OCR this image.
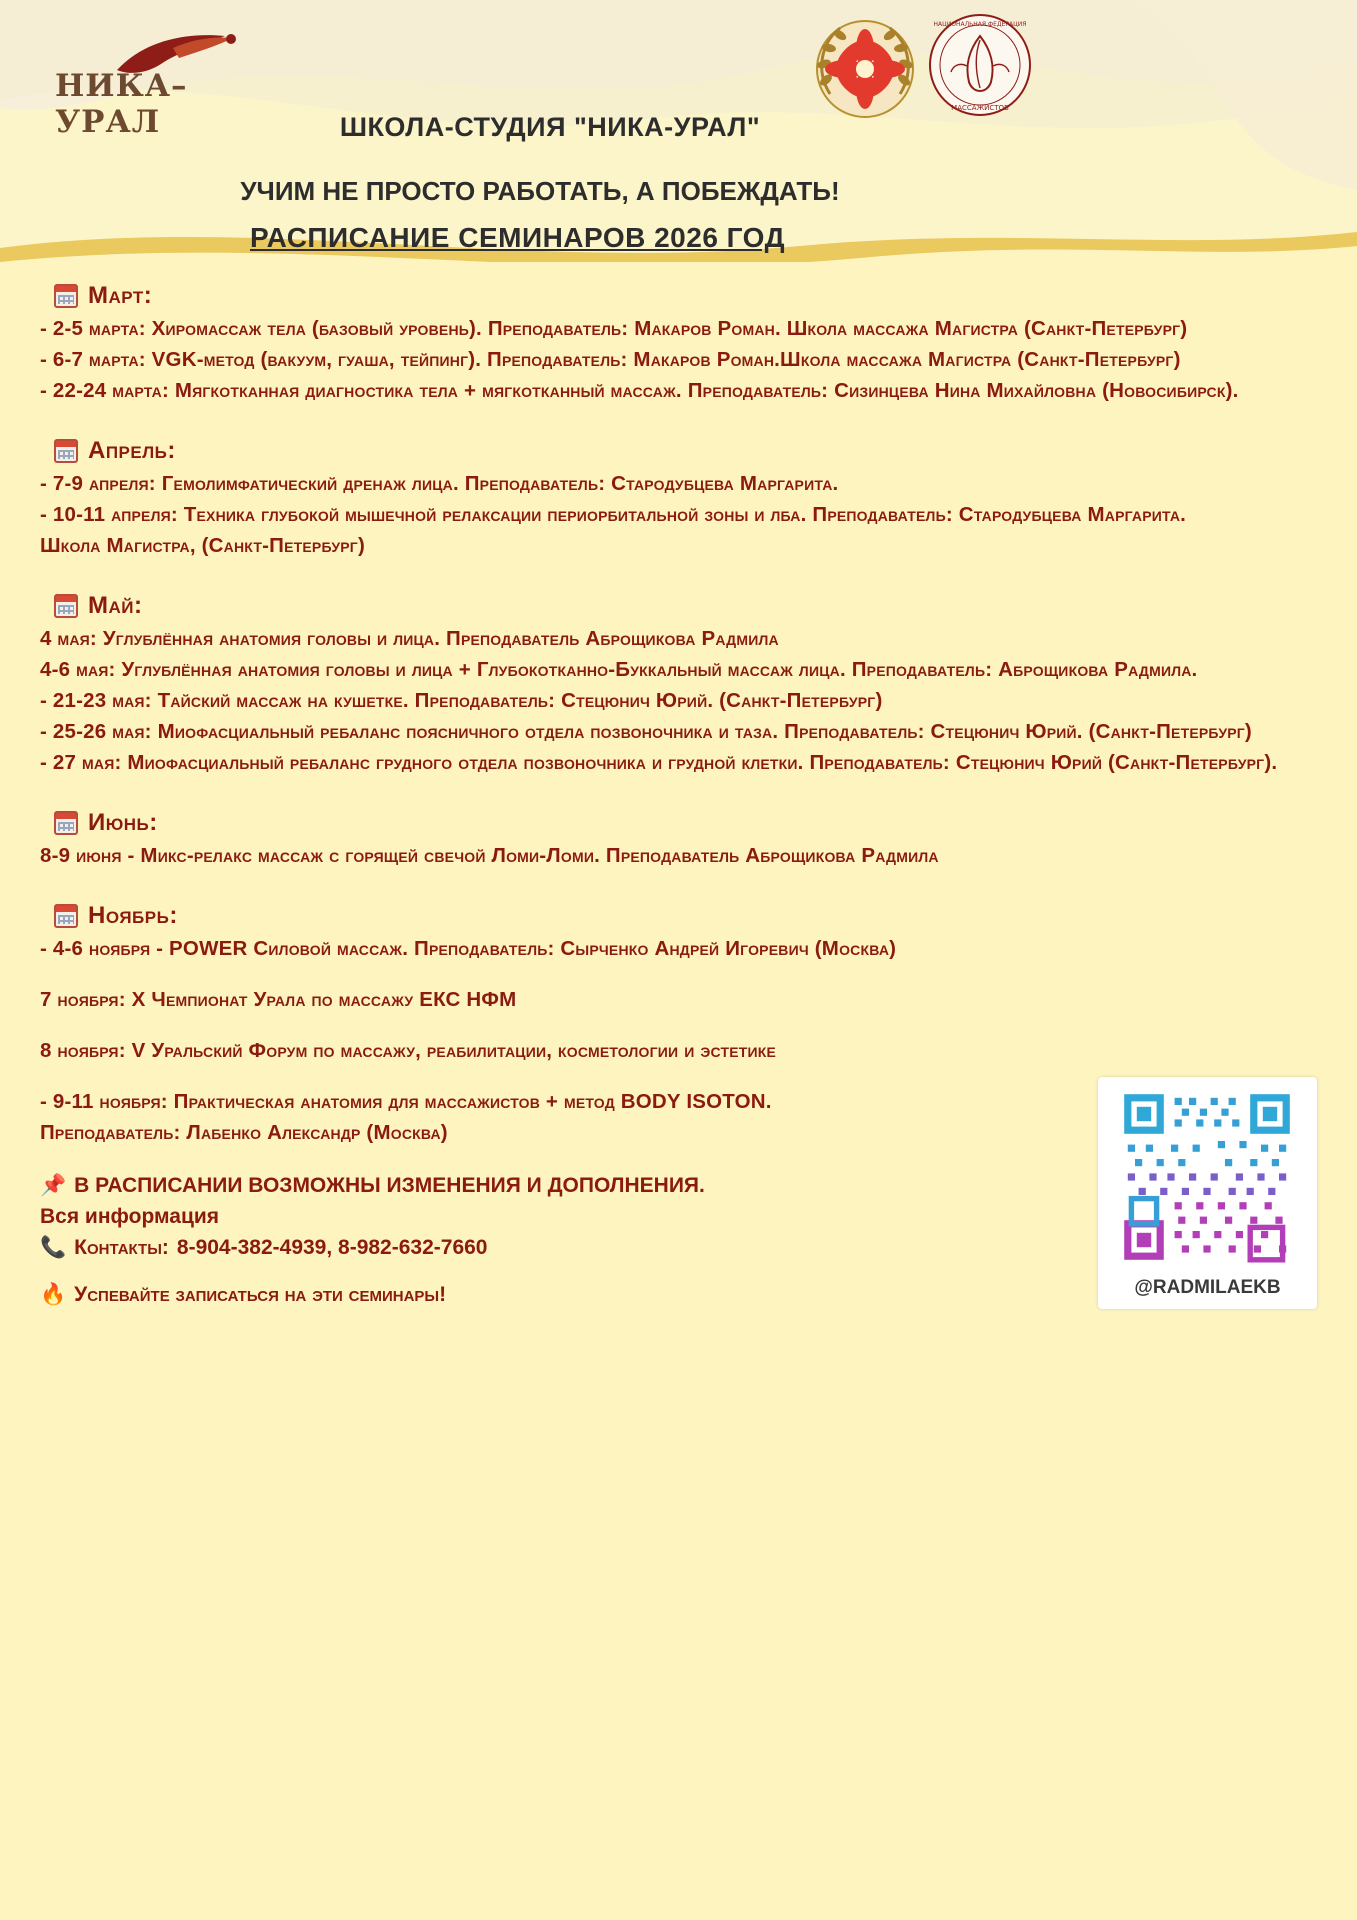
НИКА–УРАЛ
НАЦИОНАЛЬНАЯ ФЕДЕРАЦИЯ
МАССАЖИСТОВ
ШКОЛА-СТУДИЯ "НИКА-УРАЛ"
УЧИМ НЕ ПРОСТО РАБОТАТЬ, А ПОБЕЖДАТЬ!
РАСПИСАНИЕ СЕМИНАРОВ 2026 ГОД
Март:
- 2-5 марта: Хиромассаж тела (базовый уровень). Преподаватель: Макаров Роман. Школа массажа Магистра (Санкт-Петербург)
- 6-7 марта: VGK-метод (вакуум, гуаша, тейпинг). Преподаватель: Макаров Роман.Школа массажа Магистра (Санкт-Петербург)
- 22-24 марта: Мягкотканная диагностика тела + мягкотканный массаж. Преподаватель: Сизинцева Нина Михайловна (Новосибирск).
Апрель:
- 7-9 апреля: Гемолимфатический дренаж лица. Преподаватель: Стародубцева Маргарита.
- 10-11 апреля: Техника глубокой мышечной релаксации периорбитальной зоны и лба. Преподаватель: Стародубцева Маргарита.
Школа Магистра, (Санкт-Петербург)
Май:
4 мая: Углублённая анатомия головы и лица. Преподаватель Аброщикова Радмила
4-6 мая: Углублённая анатомия головы и лица + Глубокотканно-Буккальный массаж лица. Преподаватель: Аброщикова Радмила.
- 21-23 мая: Тайский массаж на кушетке. Преподаватель: Стецюнич Юрий. (Санкт-Петербург)
- 25-26 мая: Миофасциальный ребаланс поясничного отдела позвоночника и таза. Преподаватель: Стецюнич Юрий. (Санкт-Петербург)
- 27 мая: Миофасциальный ребаланс грудного отдела позвоночника и грудной клетки. Преподаватель: Стецюнич Юрий (Санкт-Петербург).
Июнь:
8-9 июня - Микс-релакс массаж с горящей свечой Ломи-Ломи. Преподаватель Аброщикова Радмила
Ноябрь:
- 4-6 ноября - POWER Силовой массаж. Преподаватель: Сырченко Андрей Игоревич (Москва)
7 ноября: X Чемпионат Урала по массажу ЕКС НФМ
8 ноября: V Уральский Форум по массажу, реабилитации, косметологии и эстетике
- 9-11 ноября: Практическая анатомия для массажистов + метод BODY ISOTON.
Преподаватель: Лабенко Александр (Москва)
📌 В РАСПИСАНИИ ВОЗМОЖНЫ ИЗМЕНЕНИЯ И ДОПОЛНЕНИЯ.
Вся информация
📞 Контакты: 8-904-382-4939, 8-982-632-7660
🔥 Успевайте записаться на эти семинары!	@RADMILAEKB
